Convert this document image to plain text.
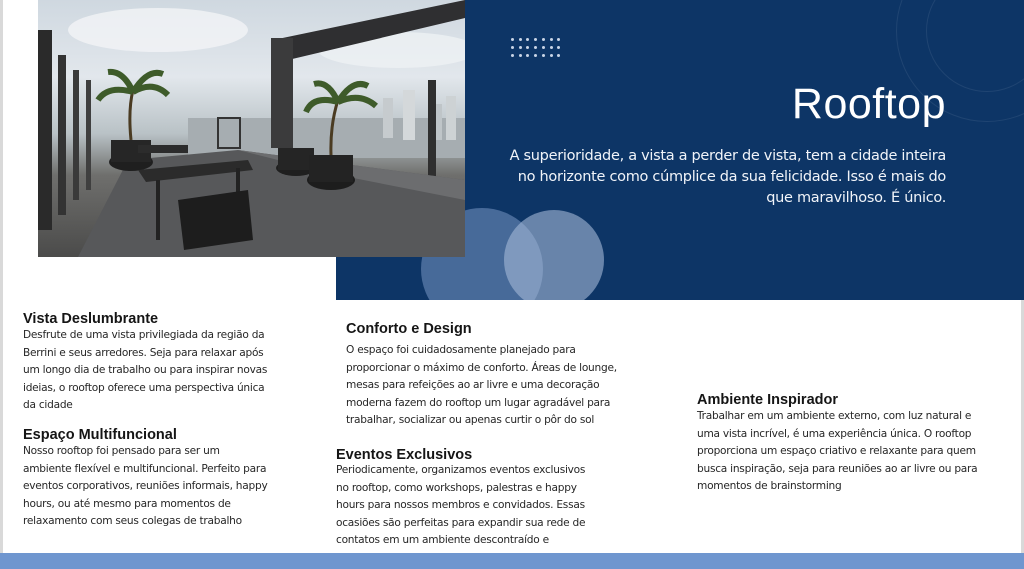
Rooftop
A superioridade, a vista a perder de vista, tem a cidade inteira no horizonte como cúmplice da sua felicidade. Isso é mais do que maravilhoso. É único.
Vista Deslumbrante
Desfrute de uma vista privilegiada da região da Berrini e seus arredores. Seja para relaxar após um longo dia de trabalho ou para inspirar novas ideias, o rooftop oferece uma perspectiva única da cidade
Espaço Multifuncional
Nosso rooftop foi pensado para ser um ambiente flexível e multifuncional. Perfeito para eventos corporativos, reuniões informais, happy hours, ou até mesmo para momentos de relaxamento com seus colegas de trabalho
Conforto e Design
O espaço foi cuidadosamente planejado para proporcionar o máximo de conforto. Áreas de lounge, mesas para refeições ao ar livre e uma decoração moderna fazem do rooftop um lugar agradável para trabalhar, socializar ou apenas curtir o pôr do sol
Eventos Exclusivos
Periodicamente, organizamos eventos exclusivos no rooftop, como workshops, palestras e happy hours para nossos membros e convidados. Essas ocasiões são perfeitas para expandir sua rede de contatos em um ambiente descontraído e
Ambiente Inspirador
Trabalhar em um ambiente externo, com luz natural e uma vista incrível, é uma experiência única. O rooftop proporciona um espaço criativo e relaxante para quem busca inspiração, seja para reuniões ao ar livre ou para momentos de brainstorming
